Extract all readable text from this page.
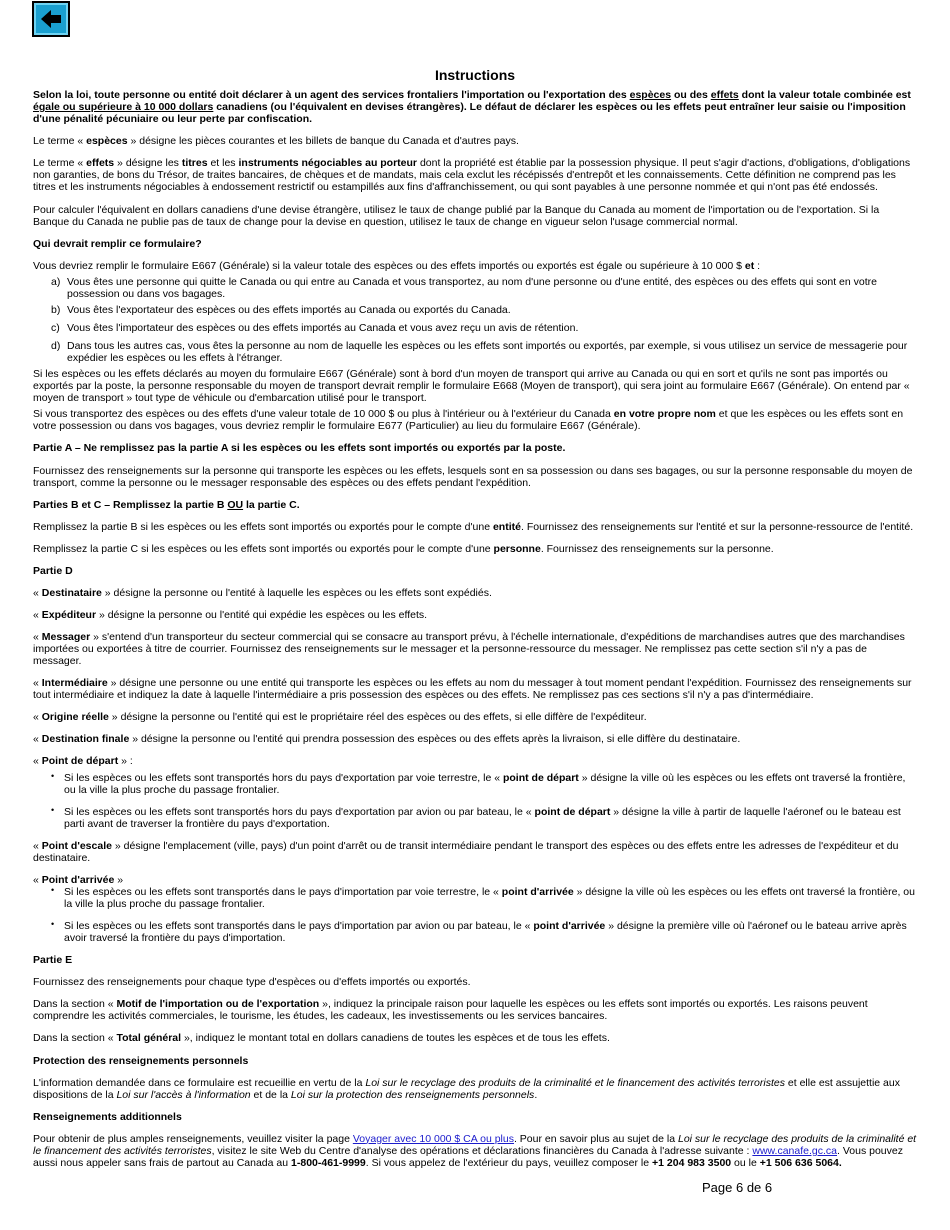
Instructions

Selon la loi, toute personne ou entité doit déclarer à un agent des services frontaliers l'importation ou l'exportation des espèces ou des effets dont la valeur totale combinée est égale ou supérieure à 10 000 dollars canadiens (ou l'équivalent en devises étrangères). Le défaut de déclarer les espèces ou les effets peut entraîner leur saisie ou l'imposition d'une pénalité pécuniaire ou leur perte par confiscation.

Le terme « espèces » désigne les pièces courantes et les billets de banque du Canada et d'autres pays.

Le terme « effets » désigne les titres et les instruments négociables au porteur dont la propriété est établie par la possession physique. Il peut s'agir d'actions, d'obligations, d'obligations non garanties, de bons du Trésor, de traites bancaires, de chèques et de mandats, mais cela exclut les récépissés d'entrepôt et les connaissements. Cette définition ne comprend pas les titres et les instruments négociables à endossement restrictif ou estampillés aux fins d'affranchissement, ou qui sont payables à une personne nommée et qui n'ont pas été endossés.

Pour calculer l'équivalent en dollars canadiens d'une devise étrangère, utilisez le taux de change publié par la Banque du Canada au moment de l'importation ou de l'exportation. Si la Banque du Canada ne publie pas de taux de change pour la devise en question, utilisez le taux de change en vigueur selon l'usage commercial normal.

Qui devrait remplir ce formulaire?

Vous devriez remplir le formulaire E667 (Générale) si la valeur totale des espèces ou des effets importés ou exportés est égale ou supérieure à 10 000 $ et :

a) Vous êtes une personne qui quitte le Canada ou qui entre au Canada et vous transportez, au nom d'une personne ou d'une entité, des espèces ou des effets qui sont en votre possession ou dans vos bagages.
b) Vous êtes l'exportateur des espèces ou des effets importés au Canada ou exportés du Canada.
c) Vous êtes l'importateur des espèces ou des effets importés au Canada et vous avez reçu un avis de rétention.
d) Dans tous les autres cas, vous êtes la personne au nom de laquelle les espèces ou les effets sont importés ou exportés, par exemple, si vous utilisez un service de messagerie pour expédier les espèces ou les effets à l'étranger.

Si les espèces ou les effets déclarés au moyen du formulaire E667 (Générale) sont à bord d'un moyen de transport qui arrive au Canada ou qui en sort et qu'ils ne sont pas importés ou exportés par la poste, la personne responsable du moyen de transport devrait remplir le formulaire E668 (Moyen de transport), qui sera joint au formulaire E667 (Générale). On entend par « moyen de transport » tout type de véhicule ou d'embarcation utilisé pour le transport.

Si vous transportez des espèces ou des effets d'une valeur totale de 10 000 $ ou plus à l'intérieur ou à l'extérieur du Canada en votre propre nom et que les espèces ou les effets sont en votre possession ou dans vos bagages, vous devriez remplir le formulaire E677 (Particulier) au lieu du formulaire E667 (Générale).

Partie A – Ne remplissez pas la partie A si les espèces ou les effets sont importés ou exportés par la poste.

Fournissez des renseignements sur la personne qui transporte les espèces ou les effets, lesquels sont en sa possession ou dans ses bagages, ou sur la personne responsable du moyen de transport, comme la personne ou le messager responsable des espèces ou des effets pendant l'expédition.

Parties B et C – Remplissez la partie B OU la partie C.

Remplissez la partie B si les espèces ou les effets sont importés ou exportés pour le compte d'une entité. Fournissez des renseignements sur l'entité et sur la personne-ressource de l'entité.

Remplissez la partie C si les espèces ou les effets sont importés ou exportés pour le compte d'une personne. Fournissez des renseignements sur la personne.

Partie D

« Destinataire » désigne la personne ou l'entité à laquelle les espèces ou les effets sont expédiés.

« Expéditeur » désigne la personne ou l'entité qui expédie les espèces ou les effets.

« Messager » s'entend d'un transporteur du secteur commercial qui se consacre au transport prévu, à l'échelle internationale, d'expéditions de marchandises autres que des marchandises importées ou exportées à titre de courrier. Fournissez des renseignements sur le messager et la personne-ressource du messager. Ne remplissez pas cette section s'il n'y a pas de messager.

« Intermédiaire » désigne une personne ou une entité qui transporte les espèces ou les effets au nom du messager à tout moment pendant l'expédition. Fournissez des renseignements sur tout intermédiaire et indiquez la date à laquelle l'intermédiaire a pris possession des espèces ou des effets. Ne remplissez pas ces sections s'il n'y a pas d'intermédiaire.

« Origine réelle » désigne la personne ou l'entité qui est le propriétaire réel des espèces ou des effets, si elle diffère de l'expéditeur.

« Destination finale » désigne la personne ou l'entité qui prendra possession des espèces ou des effets après la livraison, si elle diffère du destinataire.

« Point de départ » :

• Si les espèces ou les effets sont transportés hors du pays d'exportation par voie terrestre, le « point de départ » désigne la ville où les espèces ou les effets ont traversé la frontière, ou la ville la plus proche du passage frontalier.
• Si les espèces ou les effets sont transportés hors du pays d'exportation par avion ou par bateau, le « point de départ » désigne la ville à partir de laquelle l'aéronef ou le bateau est parti avant de traverser la frontière du pays d'exportation.

« Point d'escale » désigne l'emplacement (ville, pays) d'un point d'arrêt ou de transit intermédiaire pendant le transport des espèces ou des effets entre les adresses de l'expéditeur et du destinataire.

« Point d'arrivée »

• Si les espèces ou les effets sont transportés dans le pays d'importation par voie terrestre, le « point d'arrivée » désigne la ville où les espèces ou les effets ont traversé la frontière, ou la ville la plus proche du passage frontalier.
• Si les espèces ou les effets sont transportés dans le pays d'importation par avion ou par bateau, le « point d'arrivée » désigne la première ville où l'aéronef ou le bateau arrive après avoir traversé la frontière du pays d'importation.

Partie E

Fournissez des renseignements pour chaque type d'espèces ou d'effets importés ou exportés.

Dans la section « Motif de l'importation ou de l'exportation », indiquez la principale raison pour laquelle les espèces ou les effets sont importés ou exportés. Les raisons peuvent comprendre les activités commerciales, le tourisme, les études, les cadeaux, les investissements ou les services bancaires.

Dans la section « Total général », indiquez le montant total en dollars canadiens de toutes les espèces et de tous les effets.

Protection des renseignements personnels

L'information demandée dans ce formulaire est recueillie en vertu de la Loi sur le recyclage des produits de la criminalité et le financement des activités terroristes et elle est assujettie aux dispositions de la Loi sur l'accès à l'information et de la Loi sur la protection des renseignements personnels.

Renseignements additionnels

Pour obtenir de plus amples renseignements, veuillez visiter la page Voyager avec 10 000 $ CA ou plus. Pour en savoir plus au sujet de la Loi sur le recyclage des produits de la criminalité et le financement des activités terroristes, visitez le site Web du Centre d'analyse des opérations et déclarations financières du Canada à l'adresse suivante : www.canafe.gc.ca. Vous pouvez aussi nous appeler sans frais de partout au Canada au 1-800-461-9999. Si vous appelez de l'extérieur du pays, veuillez composer le +1 204 983 3500 ou le +1 506 636 5064.

Page 6 de 6
